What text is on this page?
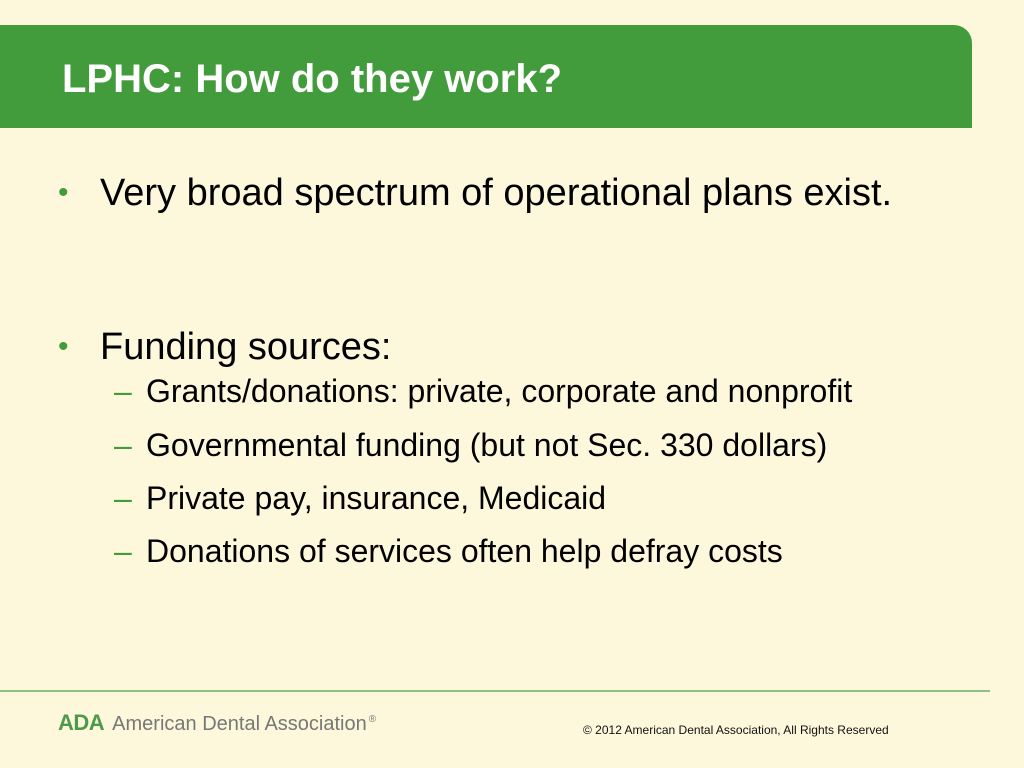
LPHC: How do they work?
• Very broad spectrum of operational plans exist.
• Funding sources:
– Grants/donations: private, corporate and nonprofit
– Governmental funding (but not Sec. 330 dollars)
– Private pay, insurance, Medicaid
– Donations of services often help defray costs
ADA American Dental Association ®
© 2012 American Dental Association, All Rights Reserved
